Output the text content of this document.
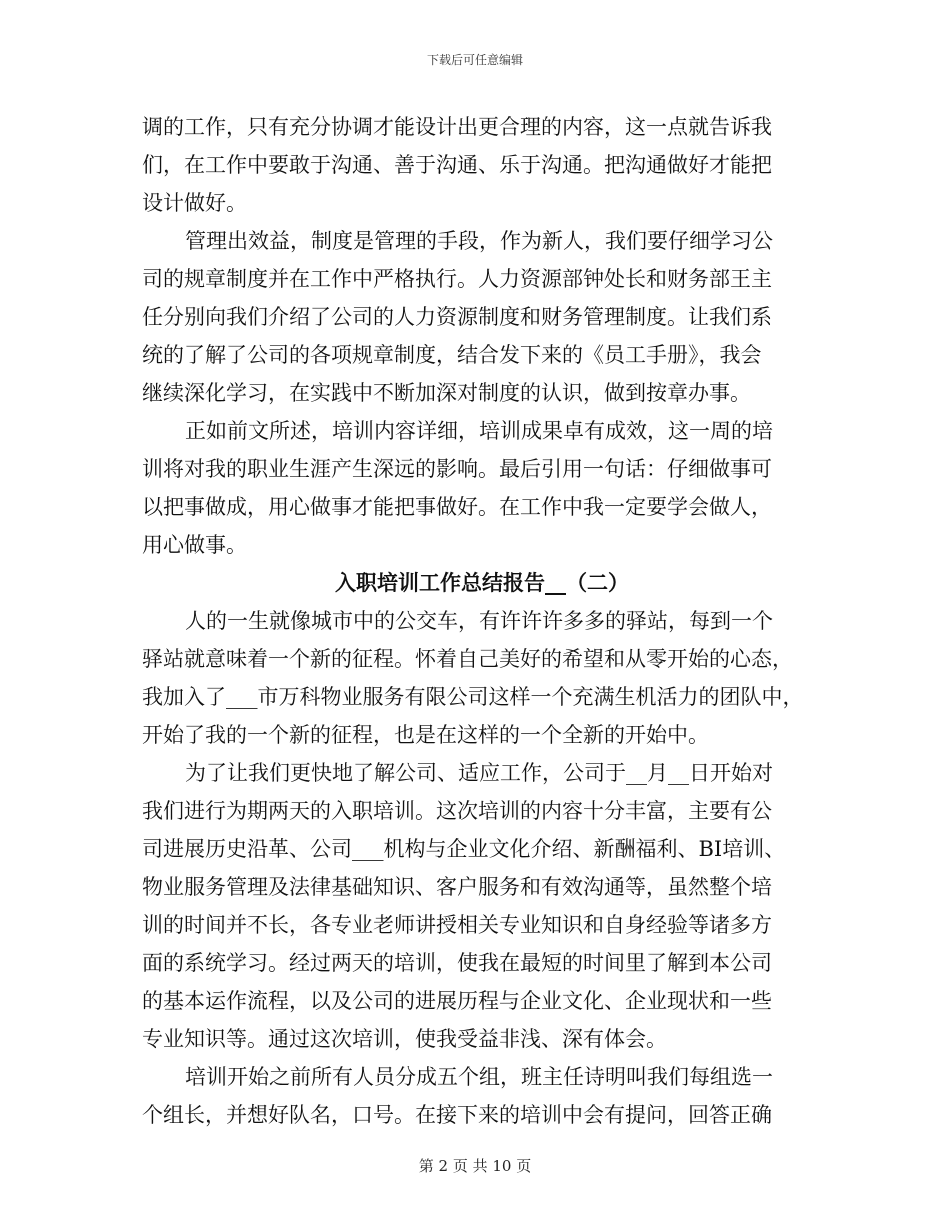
下载后可任意编辑
调的工作，只有充分协调才能设计出更合理的内容，这一点就告诉我
们，在工作中要敢于沟通、善于沟通、乐于沟通。把沟通做好才能把
设计做好。
管理出效益，制度是管理的手段，作为新人，我们要仔细学习公
司的规章制度并在工作中严格执行。人力资源部钟处长和财务部王主
任分别向我们介绍了公司的人力资源制度和财务管理制度。让我们系
统的了解了公司的各项规章制度，结合发下来的《员工手册》，我会
继续深化学习，在实践中不断加深对制度的认识，做到按章办事。
正如前文所述，培训内容详细，培训成果卓有成效，这一周的培
训将对我的职业生涯产生深远的影响。最后引用一句话：仔细做事可
以把事做成，用心做事才能把事做好。在工作中我一定要学会做人，
用心做事。
入职培训工作总结报告__（二）
人的一生就像城市中的公交车，有许许许多多的驿站，每到一个
驿站就意味着一个新的征程。怀着自己美好的希望和从零开始的心态，
我加入了___市万科物业服务有限公司这样一个充满生机活力的团队中，
开始了我的一个新的征程，也是在这样的一个全新的开始中。
为了让我们更快地了解公司、适应工作，公司于__月__日开始对
我们进行为期两天的入职培训。这次培训的内容十分丰富，主要有公
司进展历史沿革、公司___机构与企业文化介绍、新酬福利、BI培训、
物业服务管理及法律基础知识、客户服务和有效沟通等，虽然整个培
训的时间并不长，各专业老师讲授相关专业知识和自身经验等诸多方
面的系统学习。经过两天的培训，使我在最短的时间里了解到本公司
的基本运作流程，以及公司的进展历程与企业文化、企业现状和一些
专业知识等。通过这次培训，使我受益非浅、深有体会。
培训开始之前所有人员分成五个组，班主任诗明叫我们每组选一
个组长，并想好队名，口号。在接下来的培训中会有提问，回答正确
第 2 页 共 10 页
